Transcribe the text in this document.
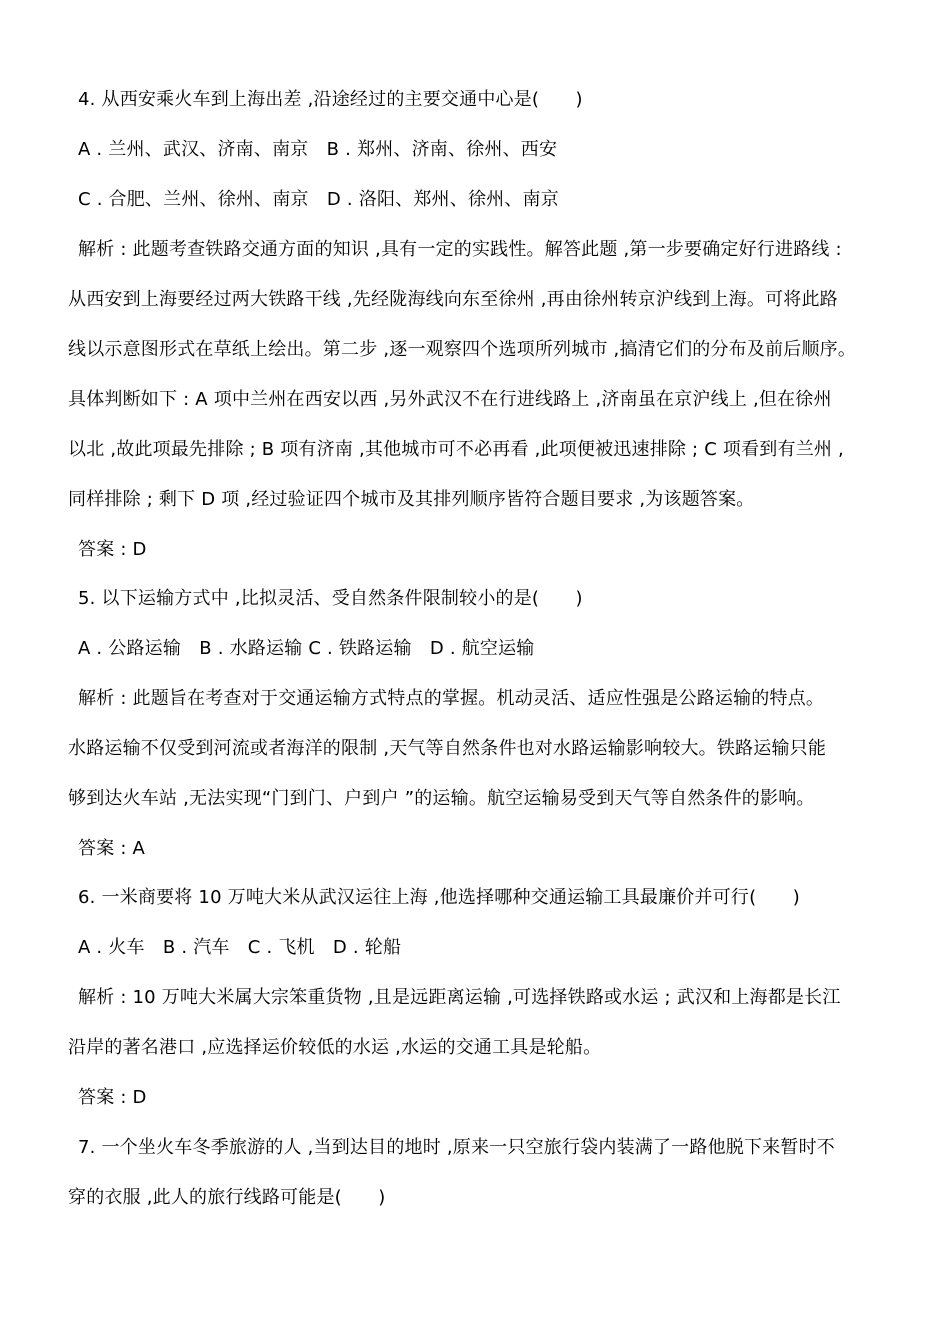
4. 从西安乘火车到上海出差 ,沿途经过的主要交通中心是(　　)
A . 兰州、武汉、济南、南京　B . 郑州、济南、徐州、西安
C . 合肥、兰州、徐州、南京　D . 洛阳、郑州、徐州、南京
解析 : 此题考查铁路交通方面的知识 ,具有一定的实践性。解答此题 ,第一步要确定好行进路线 :
从西安到上海要经过两大铁路干线 ,先经陇海线向东至徐州 ,再由徐州转京沪线到上海。可将此路
线以示意图形式在草纸上绘出。第二步 ,逐一观察四个选项所列城市 ,搞清它们的分布及前后顺序。
具体判断如下 : A 项中兰州在西安以西 ,另外武汉不在行进线路上 ,济南虽在京沪线上 ,但在徐州
以北 ,故此项最先排除 ; B 项有济南 ,其他城市可不必再看 ,此项便被迅速排除 ; C 项看到有兰州 ,
同样排除 ; 剩下 D 项 ,经过验证四个城市及其排列顺序皆符合题目要求 ,为该题答案。
答案 : D
5. 以下运输方式中 ,比拟灵活、受自然条件限制较小的是(　　)
A . 公路运输　B . 水路运输 C . 铁路运输　D . 航空运输
解析 : 此题旨在考查对于交通运输方式特点的掌握。机动灵活、适应性强是公路运输的特点。
水路运输不仅受到河流或者海洋的限制 ,天气等自然条件也对水路运输影响较大。铁路运输只能
够到达火车站 ,无法实现“门到门、户到户 ”的运输。航空运输易受到天气等自然条件的影响。
答案 : A
6. 一米商要将 10 万吨大米从武汉运往上海 ,他选择哪种交通运输工具最廉价并可行(　　)
A . 火车　B . 汽车　C . 飞机　D . 轮船
解析 : 10 万吨大米属大宗笨重货物 ,且是远距离运输 ,可选择铁路或水运 ; 武汉和上海都是长江
沿岸的著名港口 ,应选择运价较低的水运 ,水运的交通工具是轮船。
答案 : D
7. 一个坐火车冬季旅游的人 ,当到达目的地时 ,原来一只空旅行袋内装满了一路他脱下来暂时不
穿的衣服 ,此人的旅行线路可能是(　　)
